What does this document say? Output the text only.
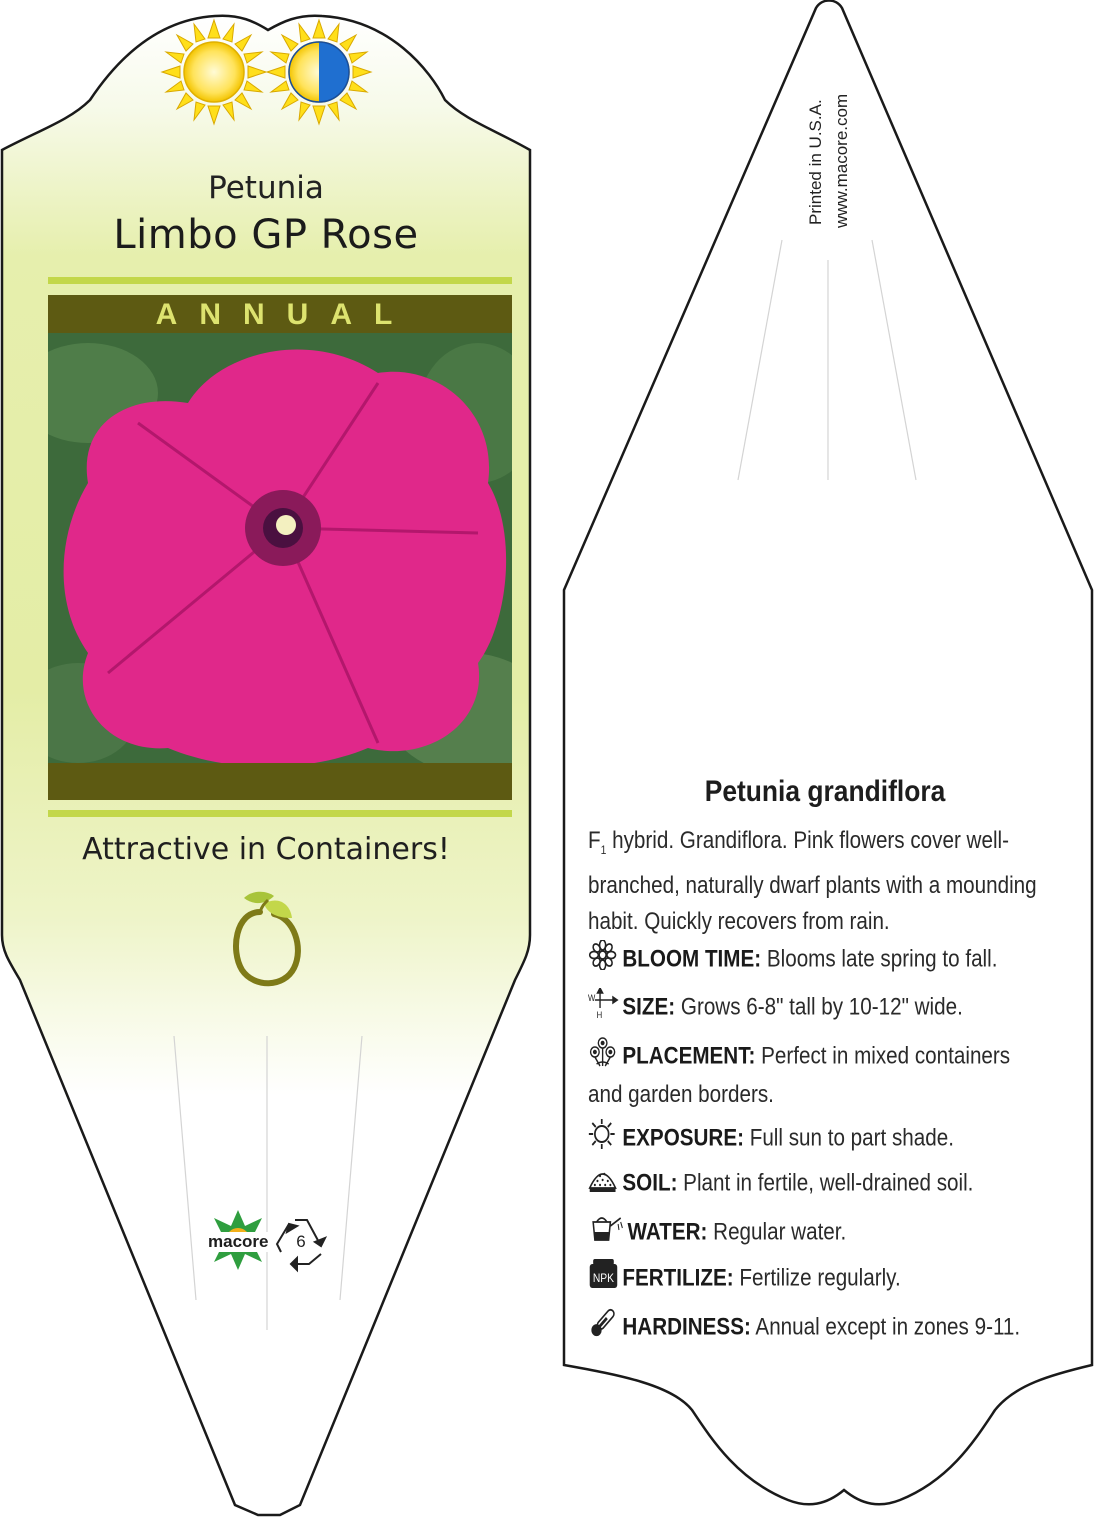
Petunia
Limbo GP Rose
ANNUAL
Attractive in Containers!
macore	6
Printed in U.S.A. www.macore.com
Petunia grandiflora
$F_1$ hybrid. Grandiflora. Pink flowers cover well-branched, naturally dwarf plants with a mounding habit. Quickly recovers from rain.
BLOOM TIME: Blooms late spring to fall.
W
H SIZE: Grows 6-8" tall by 10-12" wide.
PLACEMENT: Perfect in mixed containers and garden borders.
EXPOSURE: Full sun to part shade.
SOIL: Plant in fertile, well-drained soil.
WATER: Regular water.
NPK FERTILIZE: Fertilize regularly.
HARDINESS: Annual except in zones 9-11.
